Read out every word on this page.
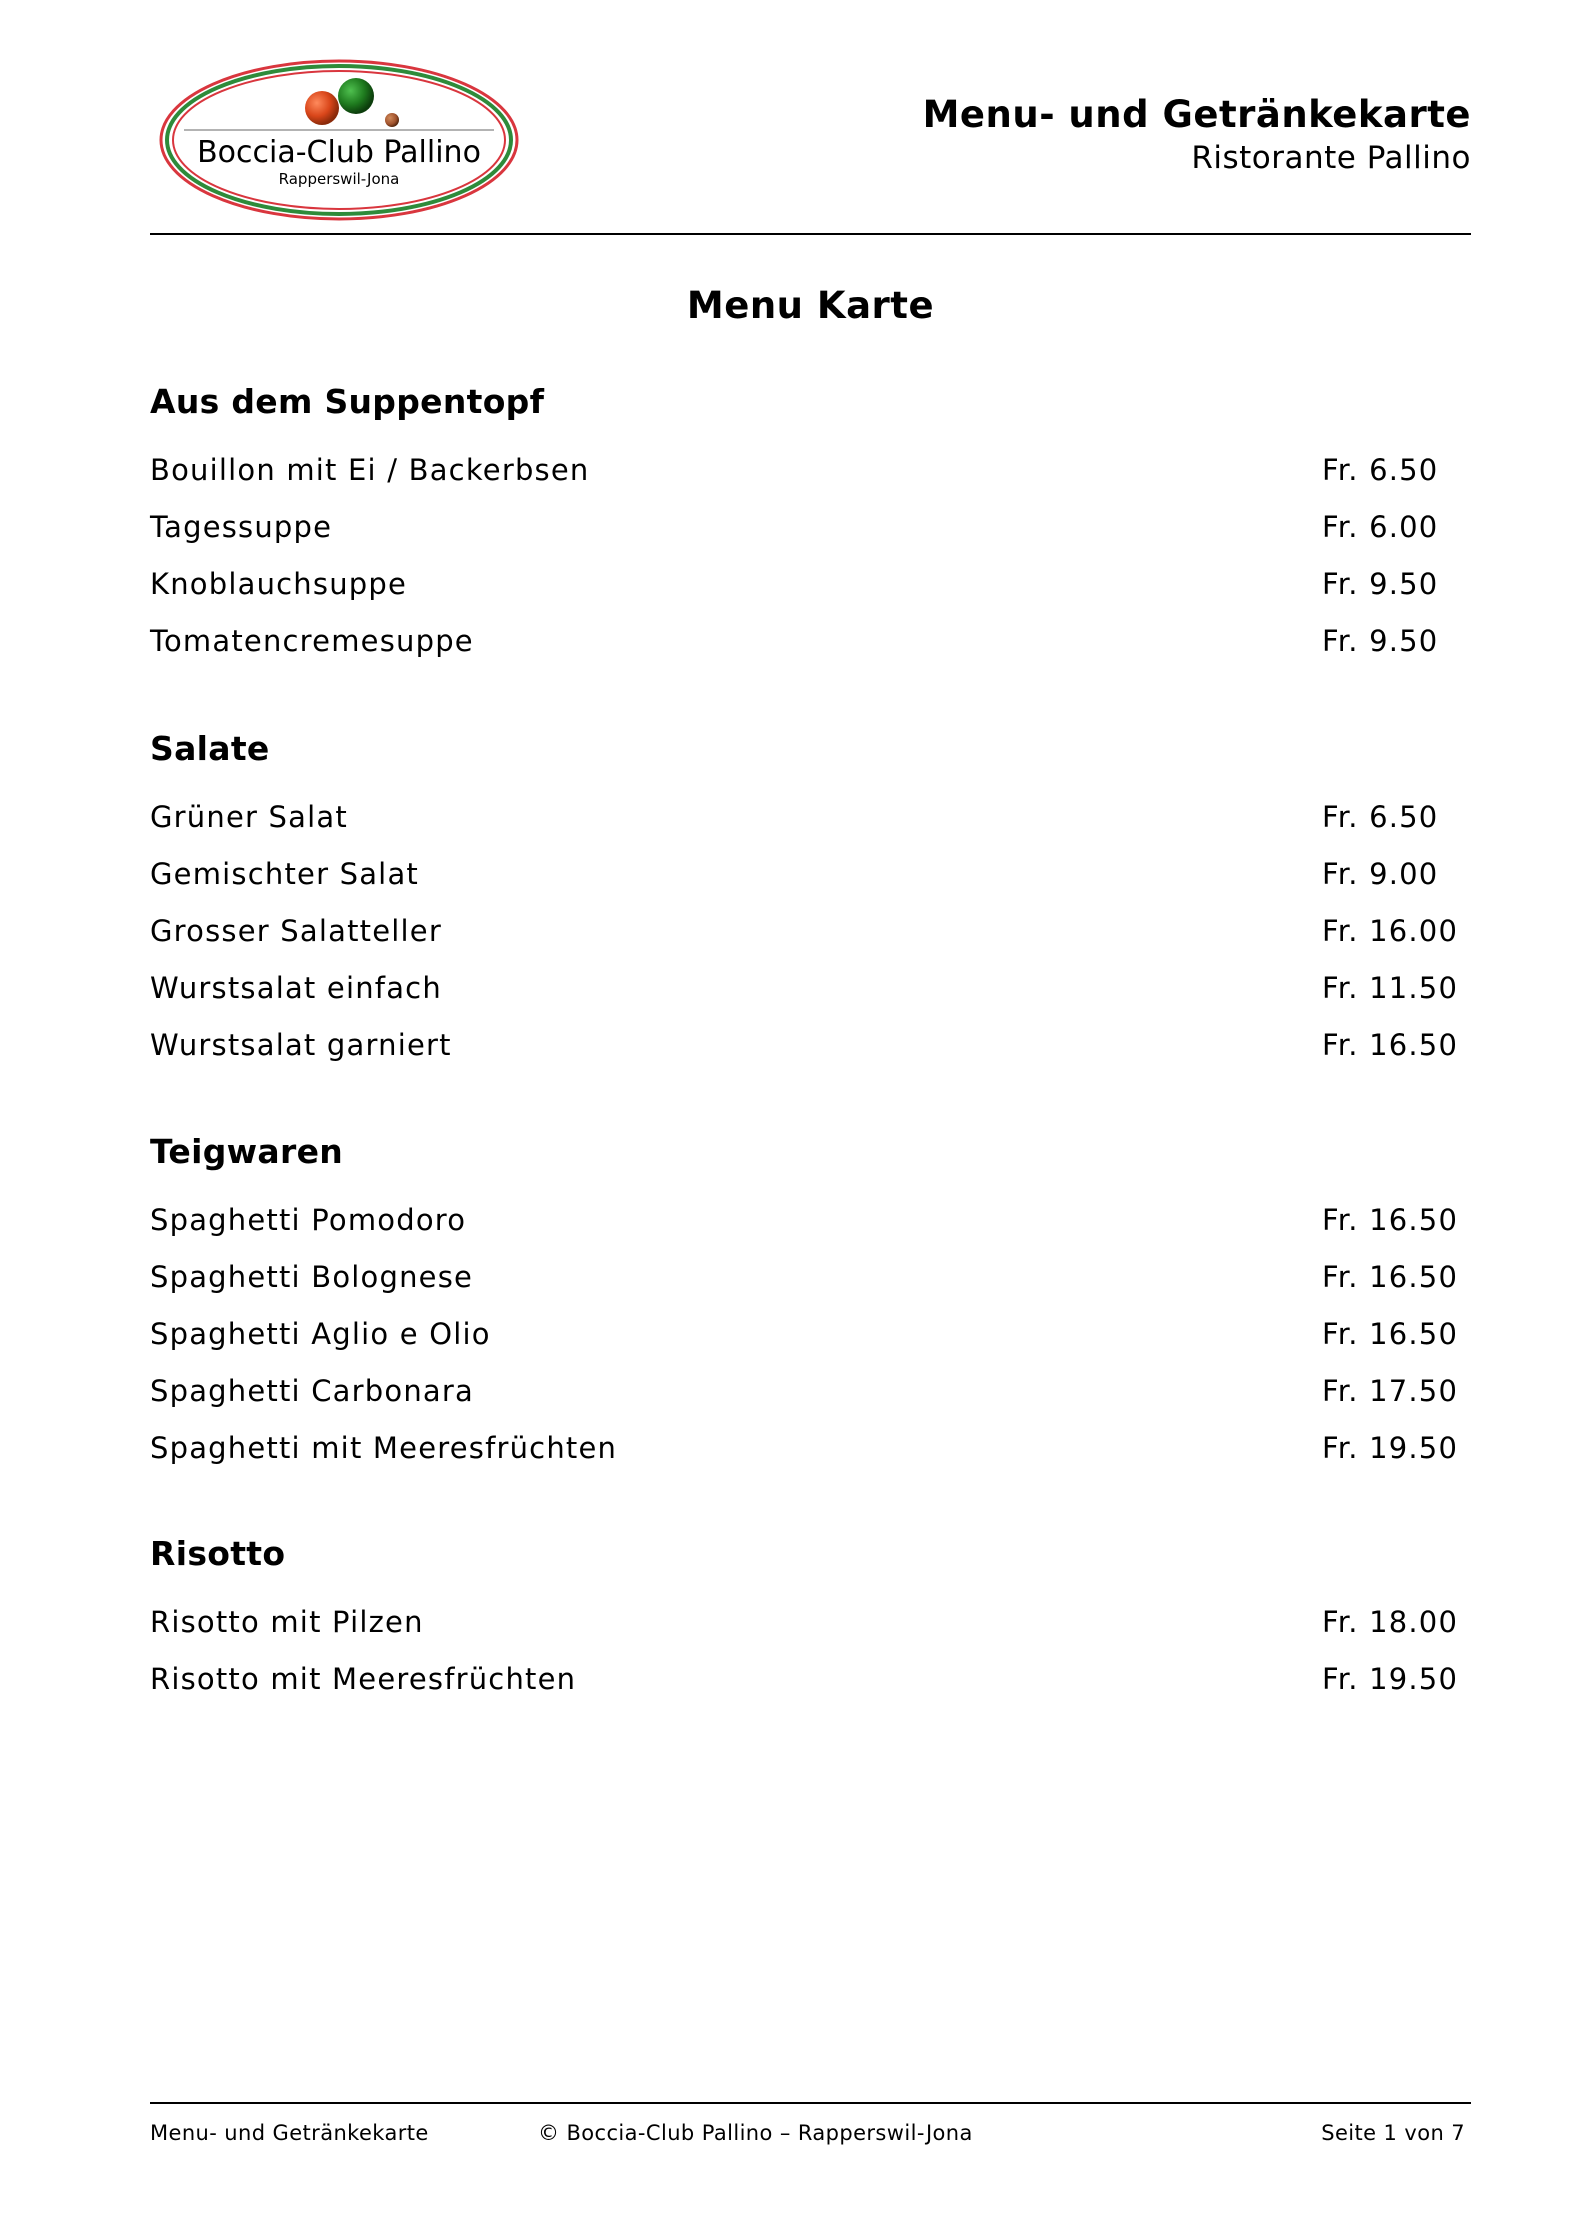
Boccia-Club Pallino
Rapperswil-Jona
Menu- und Getränkekarte
Ristorante Pallino
Menu Karte
Aus dem Suppentopf
Bouillon mit Ei / Backerbsen	Fr. 6.50
Tagessuppe	Fr. 6.00
Knoblauchsuppe	Fr. 9.50
Tomatencremesuppe	Fr. 9.50
Salate
Grüner Salat	Fr. 6.50
Gemischter Salat	Fr. 9.00
Grosser Salatteller	Fr. 16.00
Wurstsalat einfach	Fr. 11.50
Wurstsalat garniert	Fr. 16.50
Teigwaren
Spaghetti Pomodoro	Fr. 16.50
Spaghetti Bolognese	Fr. 16.50
Spaghetti Aglio e Olio	Fr. 16.50
Spaghetti Carbonara	Fr. 17.50
Spaghetti mit Meeresfrüchten	Fr. 19.50
Risotto
Risotto mit Pilzen	Fr. 18.00
Risotto mit Meeresfrüchten	Fr. 19.50
Menu- und Getränkekarte	© Boccia-Club Pallino – Rapperswil-Jona	Seite 1 von 7
